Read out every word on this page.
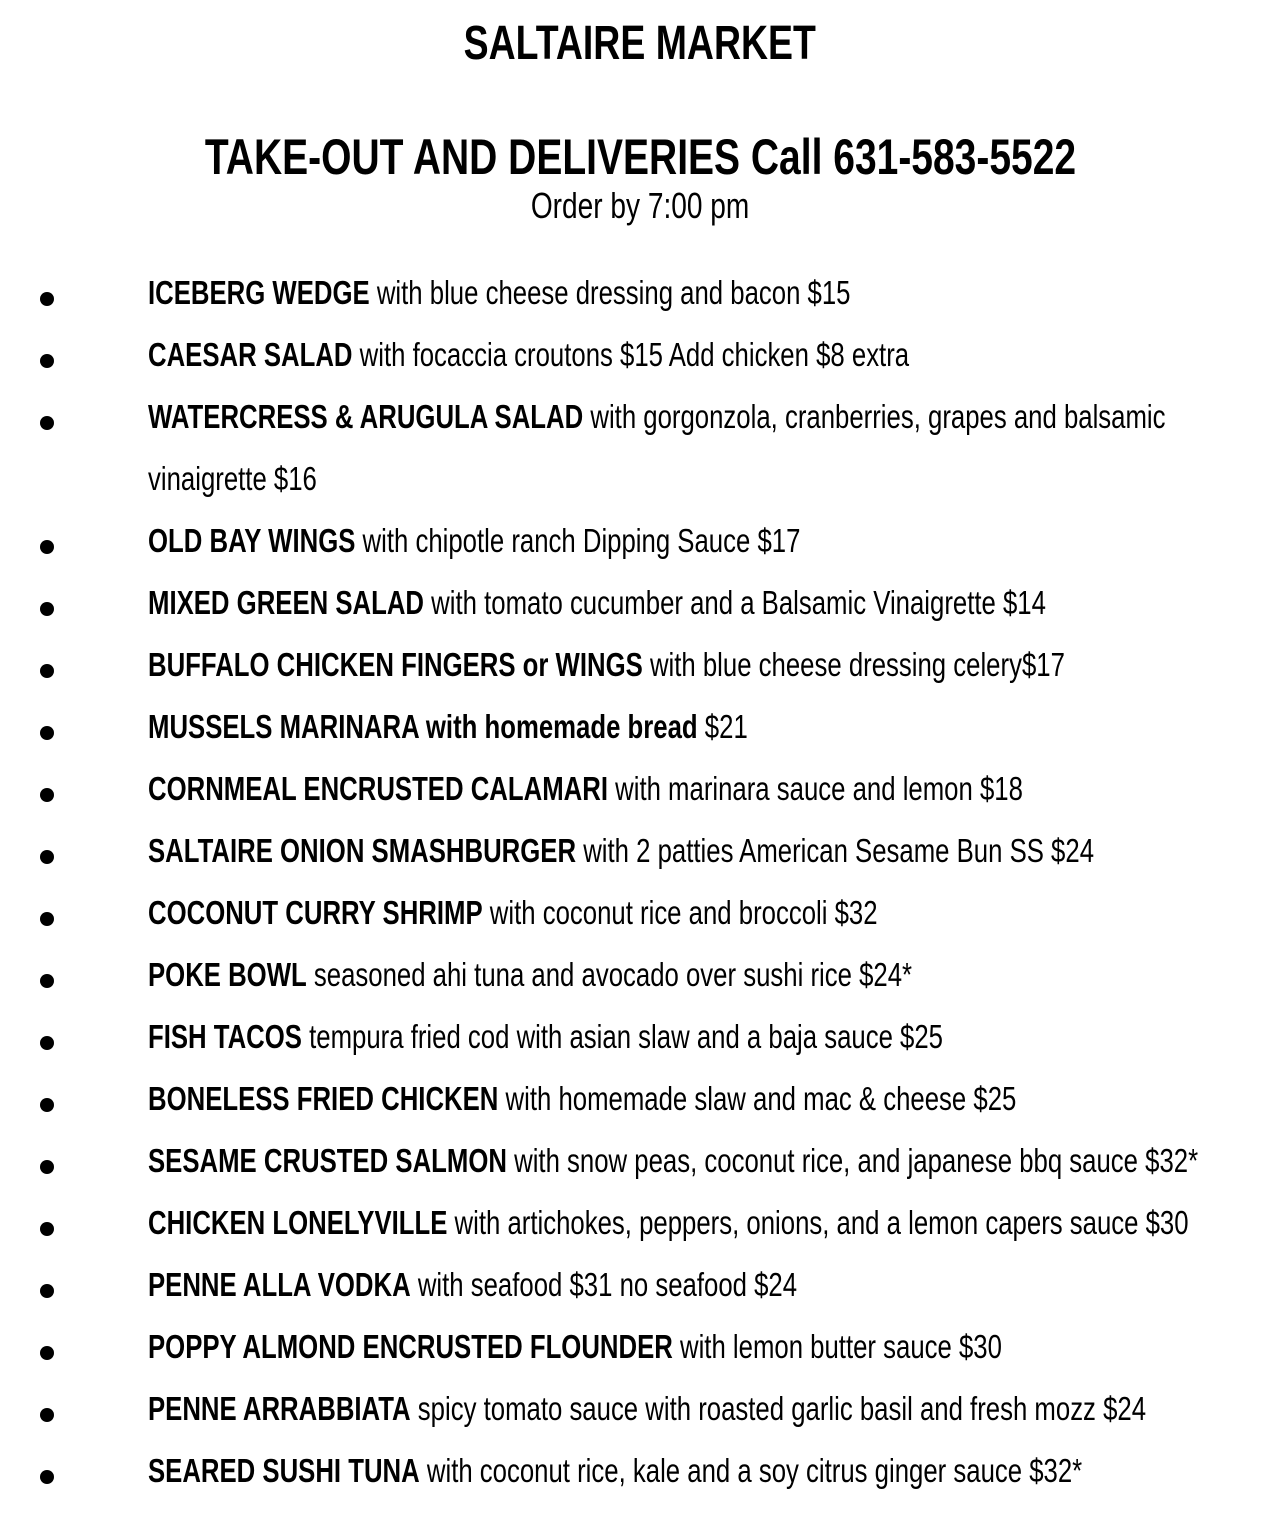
SALTAIRE MARKET
TAKE-OUT AND DELIVERIES Call 631-583-5522
Order by 7:00 pm
ICEBERG WEDGE with blue cheese dressing and bacon $15
CAESAR SALAD with focaccia croutons $15 Add chicken $8 extra
WATERCRESS & ARUGULA SALAD with gorgonzola, cranberries, grapes and balsamic vinaigrette $16
OLD BAY WINGS with chipotle ranch Dipping Sauce $17
MIXED GREEN SALAD with tomato cucumber and a Balsamic Vinaigrette $14
BUFFALO CHICKEN FINGERS or WINGS with blue cheese dressing celery$17
MUSSELS MARINARA with homemade bread $21
CORNMEAL ENCRUSTED CALAMARI with marinara sauce and lemon $18
SALTAIRE ONION SMASHBURGER with 2 patties American Sesame Bun SS $24
COCONUT CURRY SHRIMP with coconut rice and broccoli $32
POKE BOWL seasoned ahi tuna and avocado over sushi rice $24*
FISH TACOS tempura fried cod with asian slaw and a baja sauce $25
BONELESS FRIED CHICKEN with homemade slaw and mac & cheese $25
SESAME CRUSTED SALMON with snow peas, coconut rice, and japanese bbq sauce $32*
CHICKEN LONELYVILLE with artichokes, peppers, onions, and a lemon capers sauce $30
PENNE ALLA VODKA with seafood $31 no seafood $24
POPPY ALMOND ENCRUSTED FLOUNDER with lemon butter sauce $30
PENNE ARRABBIATA spicy tomato sauce with roasted garlic basil and fresh mozz $24
SEARED SUSHI TUNA with coconut rice, kale and a soy citrus ginger sauce $32*
